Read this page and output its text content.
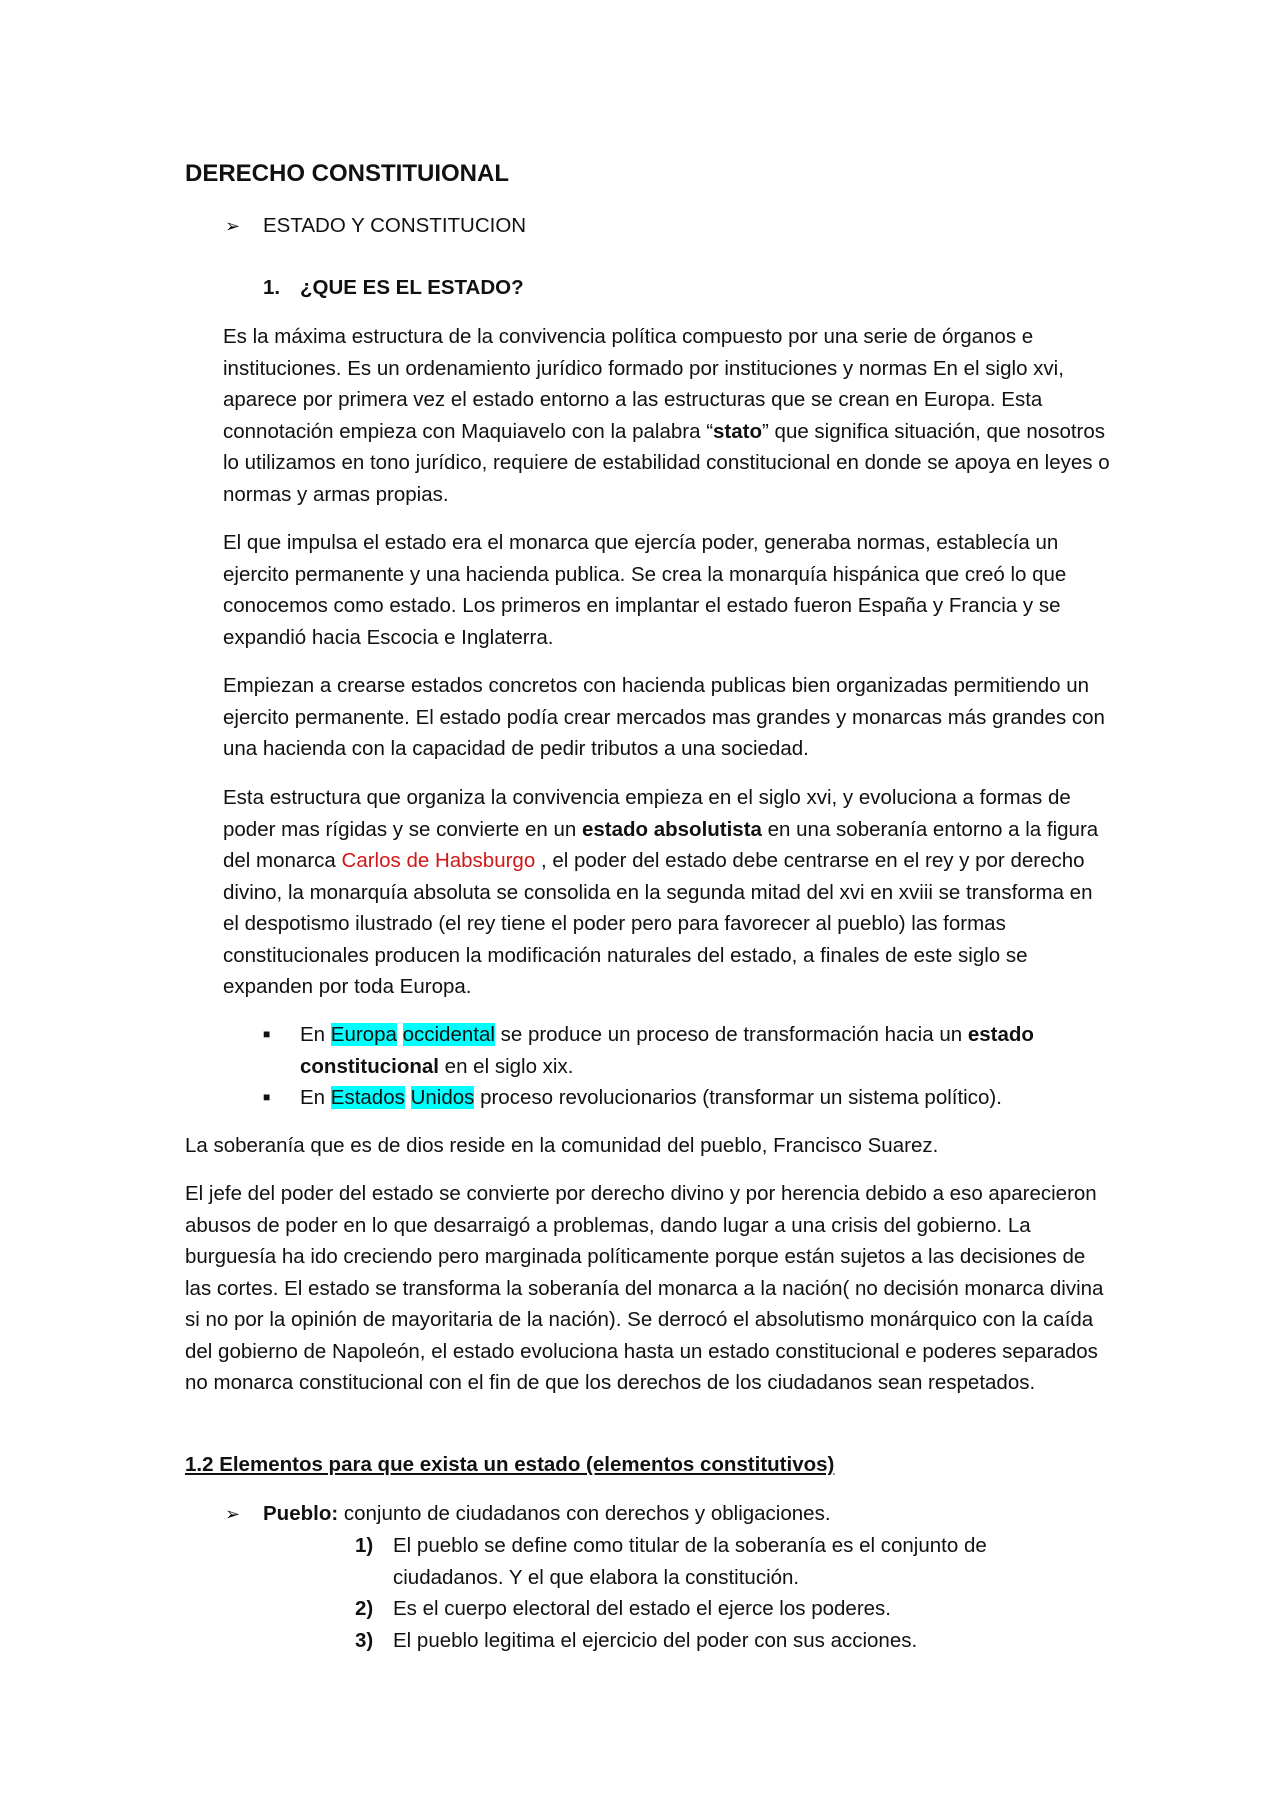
DERECHO CONSTITUIONAL
➢	ESTADO Y CONSTITUCION
1. ¿QUE ES EL ESTADO?

Es la máxima estructura de la convivencia política compuesto por una serie de órganos e instituciones. Es un ordenamiento jurídico formado por instituciones y normas En el siglo xvi, aparece por primera vez el estado entorno a las estructuras que se crean en Europa. Esta connotación empieza con Maquiavelo con la palabra “stato” que significa situación, que nosotros lo utilizamos en tono jurídico, requiere de estabilidad constitucional en donde se apoya en leyes o normas y armas propias.

El que impulsa el estado era el monarca que ejercía poder, generaba normas, establecía un ejercito permanente y una hacienda publica. Se crea la monarquía hispánica que creó lo que conocemos como estado. Los primeros en implantar el estado fueron España y Francia y se expandió hacia Escocia e Inglaterra.

Empiezan a crearse estados concretos con hacienda publicas bien organizadas permitiendo un ejercito permanente. El estado podía crear mercados mas grandes y monarcas más grandes con una hacienda con la capacidad de pedir tributos a una sociedad.

Esta estructura que organiza la convivencia empieza en el siglo xvi, y evoluciona a formas de poder mas rígidas y se convierte en un estado absolutista en una soberanía entorno a la figura del monarca Carlos de Habsburgo , el poder del estado debe centrarse en el rey y por derecho divino, la monarquía absoluta se consolida en la segunda mitad del xvi en xviii se transforma en el despotismo ilustrado (el rey tiene el poder pero para favorecer al pueblo) las formas constitucionales producen la modificación naturales del estado, a finales de este siglo se expanden por toda Europa.

■	En Europa occidental se produce un proceso de transformación hacia un estado constitucional en el siglo xix.
■	En Estados Unidos proceso revolucionarios (transformar un sistema político).

La soberanía que es de dios reside en la comunidad del pueblo, Francisco Suarez.

El jefe del poder del estado se convierte por derecho divino y por herencia debido a eso aparecieron abusos de poder en lo que desarraigó a problemas, dando lugar a una crisis del gobierno. La burguesía ha ido creciendo pero marginada políticamente porque están sujetos a las decisiones de las cortes. El estado se transforma la soberanía del monarca a la nación( no decisión monarca divina si no por la opinión de mayoritaria de la nación). Se derrocó el absolutismo monárquico con la caída del gobierno de Napoleón, el estado evoluciona hasta un estado constitucional e poderes separados no monarca constitucional con el fin de que los derechos de los ciudadanos sean respetados.

1.2 Elementos para que exista un estado (elementos constitutivos)

➢	Pueblo: conjunto de ciudadanos con derechos y obligaciones.
1) El pueblo se define como titular de la soberanía es el conjunto de ciudadanos. Y el que elabora la constitución.
2) Es el cuerpo electoral del estado el ejerce los poderes.
3) El pueblo legitima el ejercicio del poder con sus acciones.
